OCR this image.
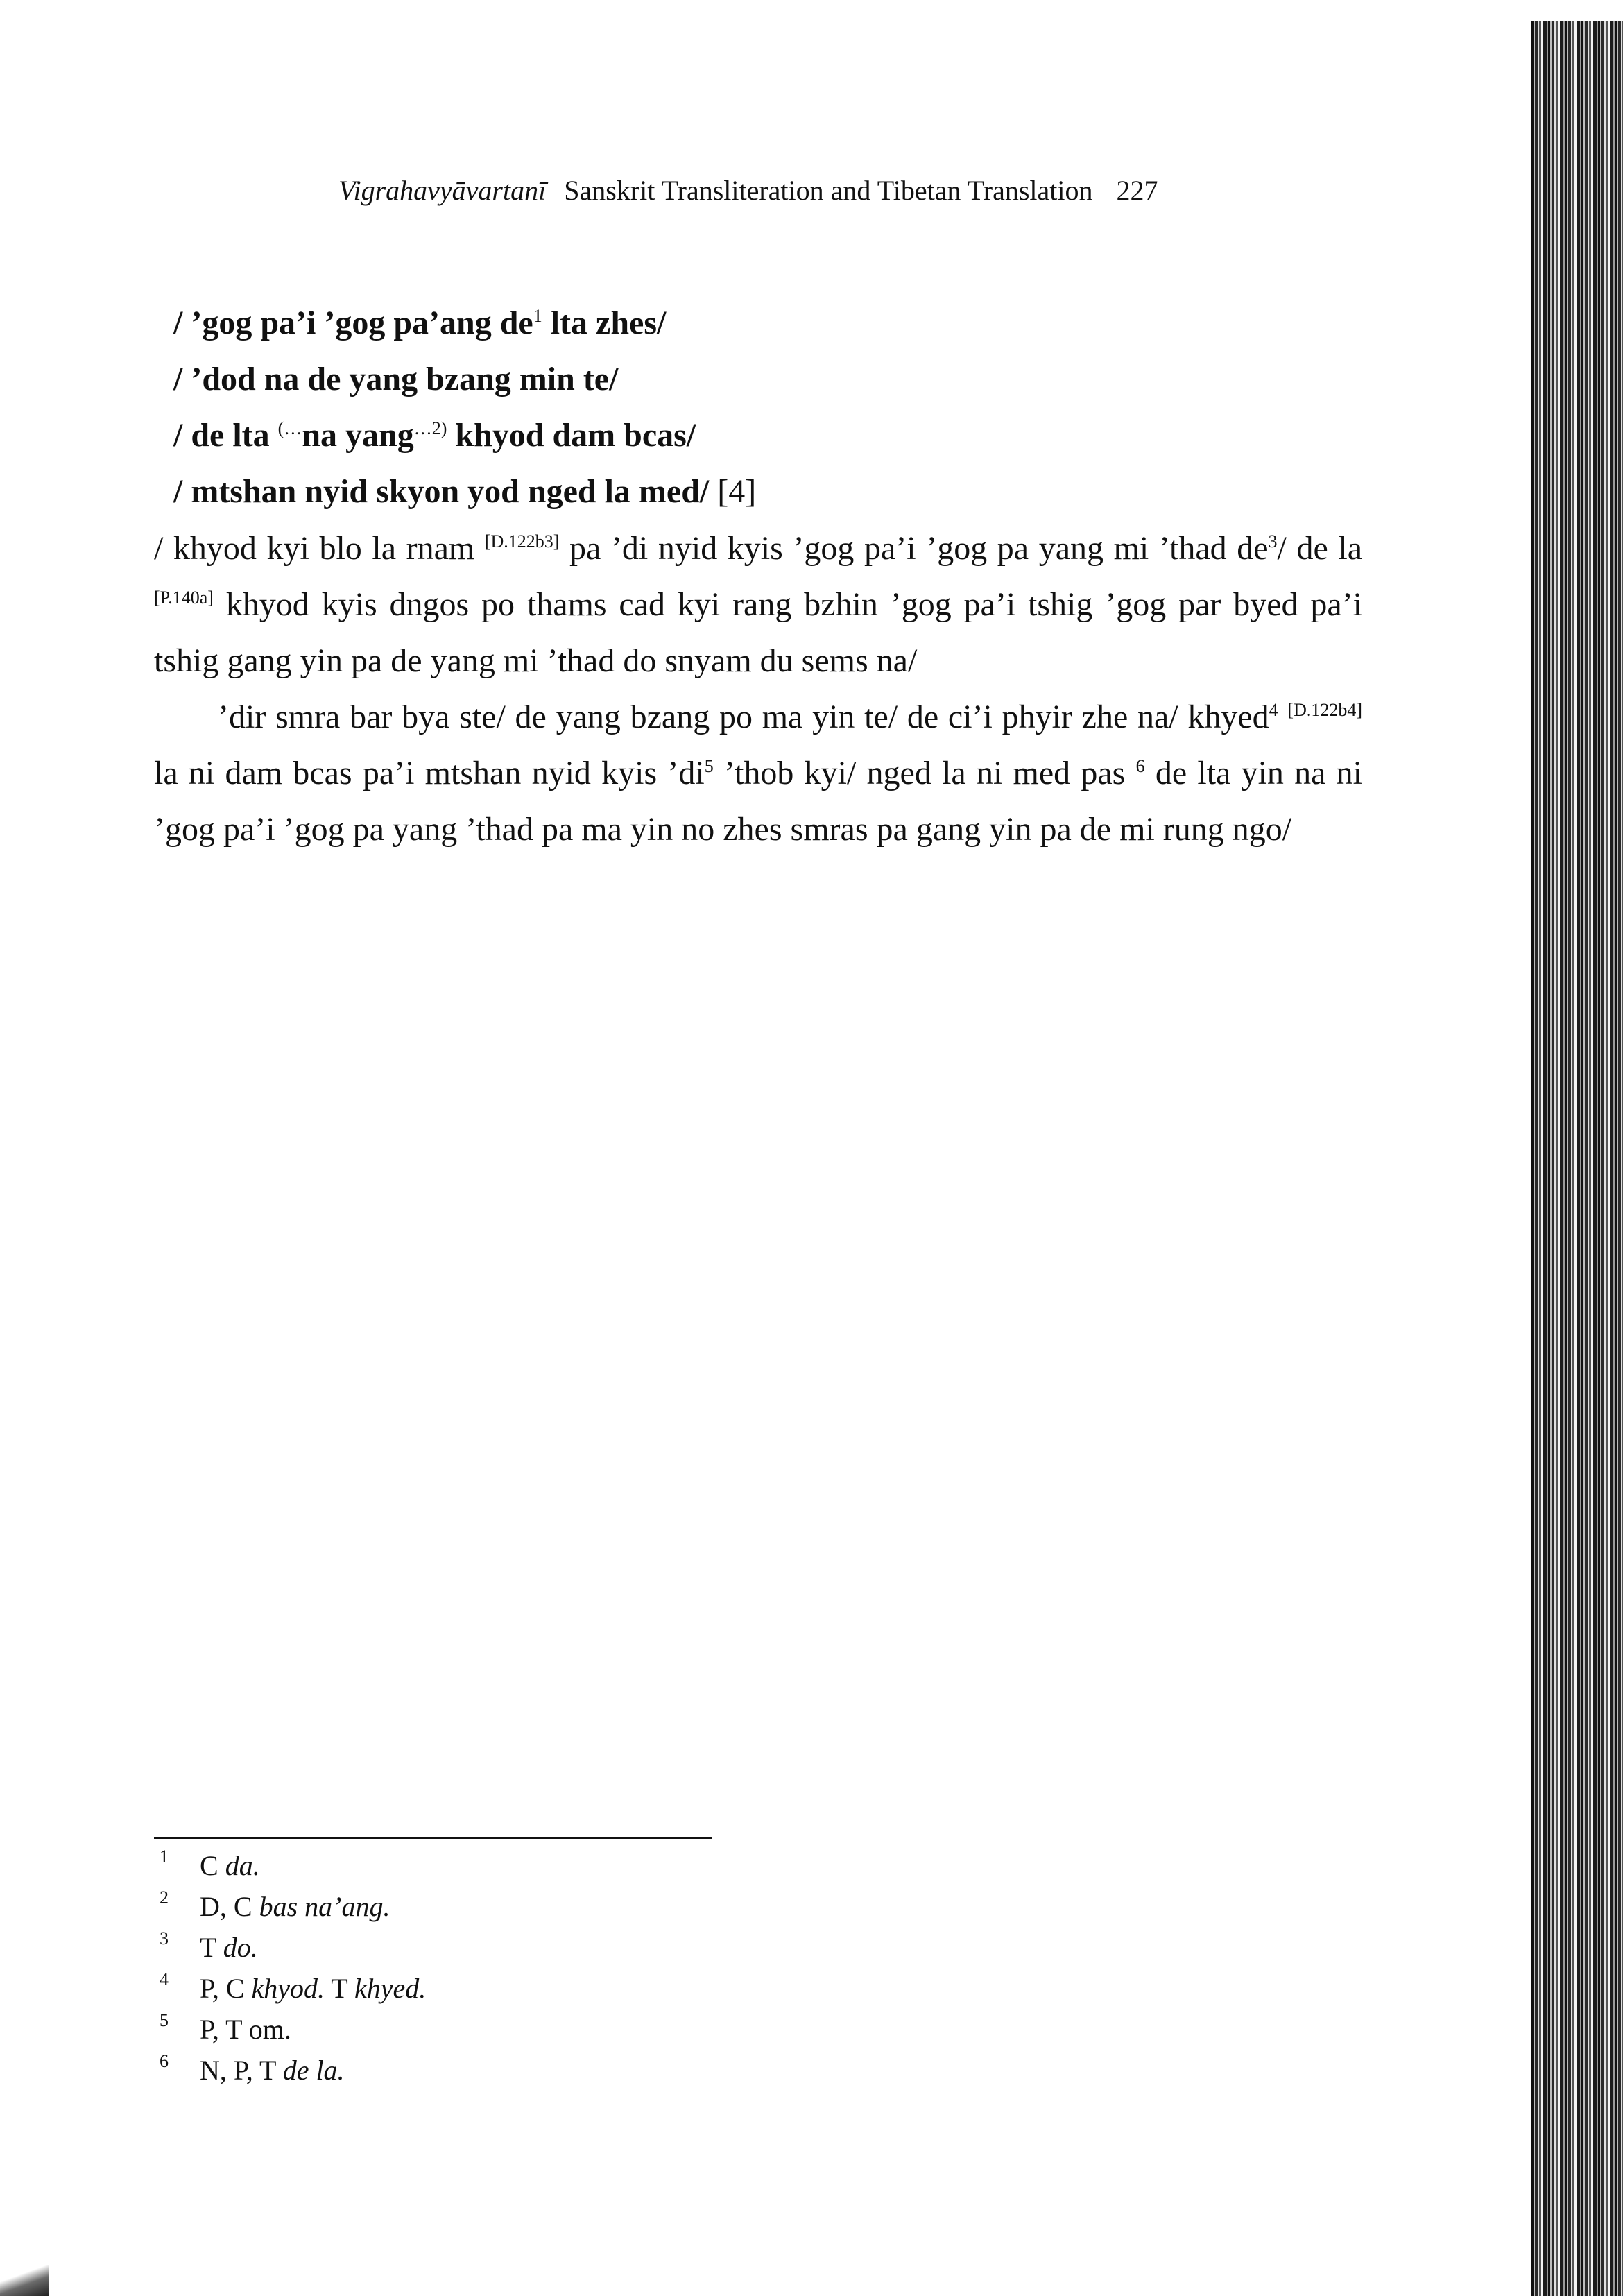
Vigrahavyāvartanī Sanskrit Transliteration and Tibetan Translation 227
/ ’gog pa’i ’gog pa’ang $de^1$ lta zhes/
/ ’dod na de yang bzang min te/
/ de lta (…na yang$^{\dots 2)}$ khyod dam bcas/
/ mtshan nyid skyon yod nged la med/ [4]

/ khyod kyi blo la rnam [D.122b3] pa ’di nyid kyis ’gog pa’i ’gog pa yang mi ’thad $de^3/$ de la [P.140a] khyod kyis dngos po thams cad kyi rang bzhin ’gog pa’i tshig ’gog par byed pa’i tshig gang yin pa de yang mi ’thad do snyam du sems na/

’dir smra bar bya ste/ de yang bzang po ma yin te/ de ci’i phyir zhe na/ khyed$^4$ [D.122b4] la ni dam bcas pa’i mtshan nyid kyis $’di^5$ ’thob kyi/ nged la ni med pas $^6$ de lta yin na ni ’gog pa’i ’gog pa yang ’thad pa ma yin no zhes smras pa gang yin pa de mi rung ngo/

1 C da.
2 D, C bas na’ang.
3 T do.
4 P, C khyod. T khyed.
5 P, T om.
6 N, P, T de la.
